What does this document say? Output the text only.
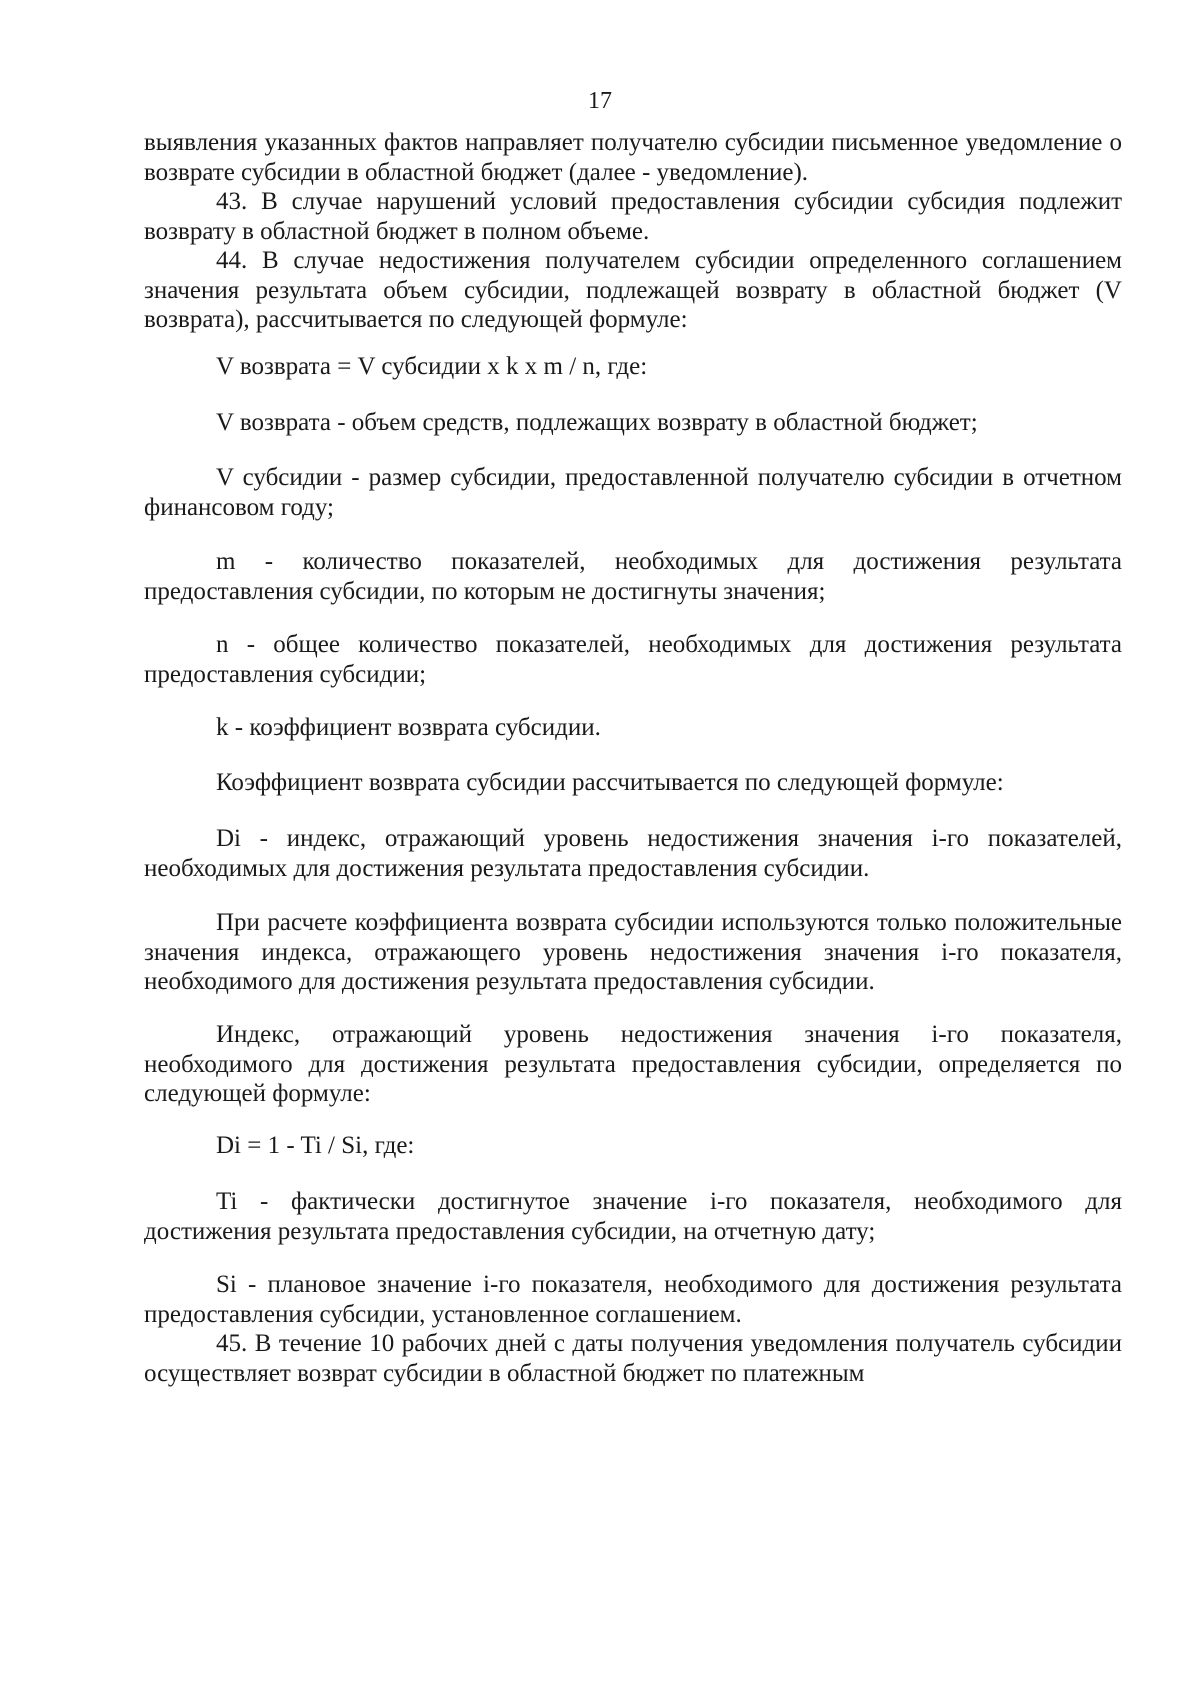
17

выявления указанных фактов направляет получателю субсидии письменное уведомление о возврате субсидии в областной бюджет (далее - уведомление).

43. В случае нарушений условий предоставления субсидии субсидия подлежит возврату в областной бюджет в полном объеме.

44. В случае недостижения получателем субсидии определенного соглашением значения результата объем субсидии, подлежащей возврату в областной бюджет (V возврата), рассчитывается по следующей формуле:

V возврата = V субсидии x k x m / n, где:

V возврата - объем средств, подлежащих возврату в областной бюджет;

V субсидии - размер субсидии, предоставленной получателю субсидии в отчетном финансовом году;

m - количество показателей, необходимых для достижения результата предоставления субсидии, по которым не достигнуты значения;

n - общее количество показателей, необходимых для достижения результата предоставления субсидии;

k - коэффициент возврата субсидии.

Коэффициент возврата субсидии рассчитывается по следующей формуле:

Di - индекс, отражающий уровень недостижения значения i-го показателей, необходимых для достижения результата предоставления субсидии.

При расчете коэффициента возврата субсидии используются только положительные значения индекса, отражающего уровень недостижения значения i-го показателя, необходимого для достижения результата предоставления субсидии.

Индекс, отражающий уровень недостижения значения i-го показателя, необходимого для достижения результата предоставления субсидии, определяется по следующей формуле:

Di = 1 - Ti / Si, где:

Ti - фактически достигнутое значение i-го показателя, необходимого для достижения результата предоставления субсидии, на отчетную дату;

Si - плановое значение i-го показателя, необходимого для достижения результата предоставления субсидии, установленное соглашением.

45. В течение 10 рабочих дней с даты получения уведомления получатель субсидии осуществляет возврат субсидии в областной бюджет по платежным
